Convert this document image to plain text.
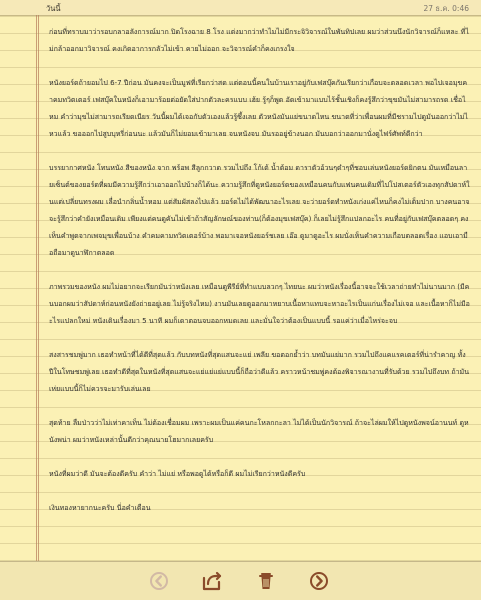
วันนี้	27 ธ.ค. 0:46

ก่อนที่ทราบมาว่ารอบกลาอลังการณ์มาก ปิดโรงฉาย 8 โรง แต่งมากว่าทำไมไม่มีกระจิวิจารณ์ในพันทิปเลย ผมว่าส่วนนึงนักวิจารณ์ก็แหละ ที่ไม่กล้าออกมาวิจารณ์ คงเกิดอาการกลัวไม่เข้า คายไม่ออก จะวิจารณ์คำก็คงเกรงใจ

หนังยอร์ดถ้ายอมไป 6-7 ปีก่อน มันคงจะเป็นมูฟที่เรียกว่าสด แต่ตอนนี้คนในบ้านเราอยู่กับเฟสบุ๊คกันเรียกว่าเกือบจะตลอดเวลา พอไปเจอมุขคำคมทวิตเตอร์ เฟสบุ๊คในหนังก็เอามาร้อยต่อยัดใส่ปากตัวละครแบบ เฮ้ย รู้ๆก็พูด อัดเข้ามาแบบไร้ชั้นเชิงก็คงรู้สึกว่าขุขมันไม่สามารถรด เชื่อไหม คำว่ามุขไม่สามารถเรียดเนียร วันนี้ผมได้เจอกับตัวเองแล้วรู้ซึ้งเลย ตัวหนังมันแย่ขนาดไหน ขนาดที่ว่าเพื่อนผมที่มีชรามไปดูมันออกว่าไม่ไหวแล้ว ขอออกไปสูบบุหรี่ก่อนนะ แล้วมันก็ไม่ยอมเข้ามาเลย จนหนังจบ มันรออยู่ข้างนอก มันบอกว่าออกมานั่งดูไฟร์ศัพท์ดีกว่า

บรรยากาศหนัง โทนหนัง สีของหนัง จาก พร้อพ สีลูกกวาด รวมไปถึง โก้เต้ น้ำต้อม ดาราตัวอ้วนๆดำๆที่ชอบเล่นหนังยอร์ดยิกตน มันเหมือนลายเซ็นต์ของยอร์ดที่ผมมีความรู้สึกว่าเอาออกไปบ้างก็ได้นะ ความรู้สึกที่ดูหนังยอร์ดของเหมือนคนกับแฟนคนเดิมที่ไปโปสเตอร์ตัวเองทุกสัปดาห์ในแต่เปลี่ยนทรงผม เลื่อนำกลิ่นน้ำหอม แต่สัมผัสลงไปแล้ว ยอร์ดไม่ได้พัฒนาอะไรเลย จะว่ายอร์ดทำหนังเก่งแค่ไหนก็คงไม่เต็มปาก บางคนอาจจะรู้สึกว่าคำยังเหมือนเดิม เพียงแต่คนดูคันไม่เข้าถ้าสัญลักษณ์ของท่าน(ก็ต้องมุขเฟสบุ๊ค) ก็เลยไม่รู้สึกแปลกอะไร คนที่อยู่กับเฟสบุ๊คตลอดๆ คงเห็นคำพูดจากเพจมุขเพื่อนบ้าง คำคมคามทวิตเตอร์บ้าง พอมาเจอหนังยอร์ชเลย เอ๊อ ดูมาดูอะไร ผมนั่งเห็นคำความเกือบตลอดเรื่อง แอบเอามือถือมาดูนาฬิกาตลอด

ภาพรวมของหนัง ผมไม่อยากจะเรียกมันว่าหนังเลย เหมือนดูพีรีย์ที่ทำแบบลวกๆ ไทยนะ ผมว่าหนังเรื่องนี้อาจจะใช้เวลาถ่ายทำไม่นานมาก (มีคนบอกผมว่าสัปดาห์ก่อนหนังยังถ่ายอยู่เลย ไม่รู้จริงไหม) งานมันเลยดูออกมาหยาบเนื้อหาแทบจะหาอะไรเป็นแก่นเรื่องไม่เจอ และเนื้อหาก็ไม่มีอะไรแปลกใหม่ หนังเดินเรื่องมา 5 นาที ผมก็เดาตอนจบออกหมดเลย และมั่นใจว่าต้องเป็นแบบนี้ รอแค่ว่าเมื่อไหร่จะจบ

สงสารชมพู่มาก เธอทำหน้าที่ได้ดีที่สุดแล้ว กับบทหนังที่สุดแสนจะแย่ เพลีย ขอตอกย้ำว่า บทมันแย่มาก รวมไปถึงแคแรคเตอร์ที่น่ารำคาญ ทั้งปีในโทษชมพู่เลย เธอทำดีที่สุดในหนังที่สุดแสนจะแย่แย่แย่แบบนี้ก็ถือว่าดีแล้ว คราวหน้าชมพู่คงต้องพิจารณางานที่รับด้วย รวมไปถึงบท ถ้ามันเห่ยแบบนี้ก็ไม่ควรจะมารับเล่นเลย

สุดท้าย ลืมป่าวว่าไม่เท่าคาเท็น ไม่ต้องเชื่อมผม เพราะผมเป็นแค่คนกะโหลกกะลา ไม่ได้เป็นนักวิจารณ์ ถ้าจะไล่ผมให้ไปดูหนังพจน์อานนท์ ดูหนังพน่า ผมว่าหนังเหล่านั้นดีกว่าคุณนายโฮมากเลยครับ

หนังที่ผมว่าดี มันจะต้องดีครับ คำว่า ไม่แย่ หรือพอดูได้หรือก็ดี ผมไม่เรียกว่าหนังดีครับ

เงินทองหายากนะครับ นี่อคำเตือน
